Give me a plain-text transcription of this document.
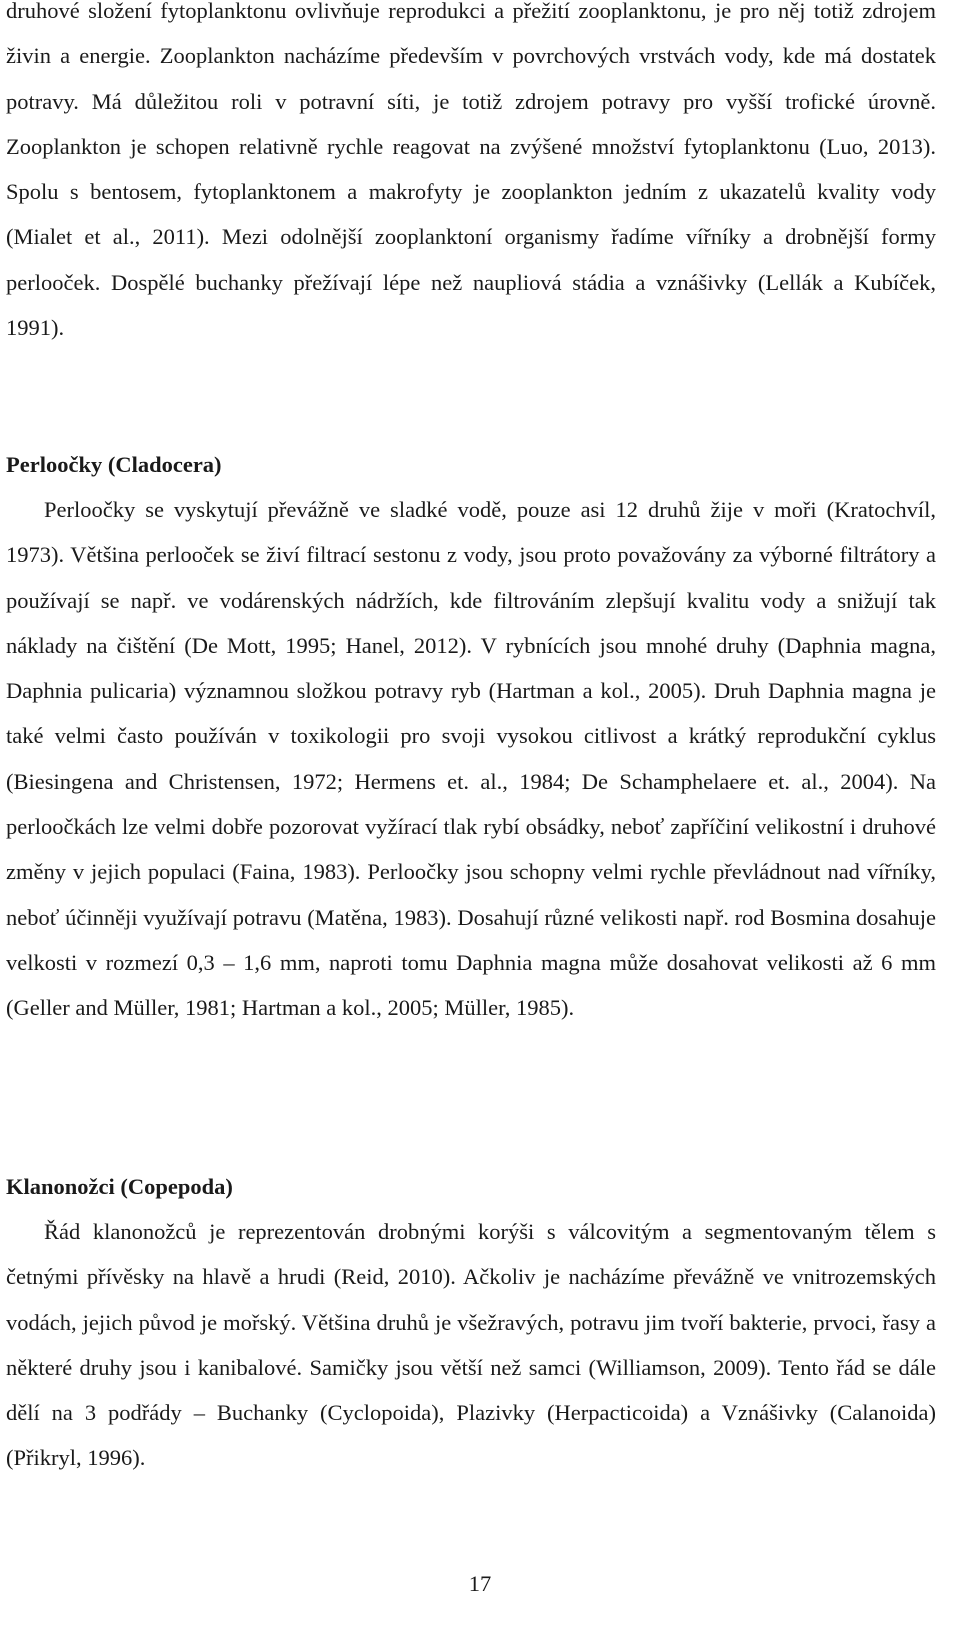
druhové složení fytoplanktonu ovlivňuje reprodukci a přežití zooplanktonu, je pro něj totiž zdrojem živin a energie. Zooplankton nacházíme především v povrchových vrstvách vody, kde má dostatek potravy. Má důležitou roli v potravní síti, je totiž zdrojem potravy pro vyšší trofické úrovně. Zooplankton je schopen relativně rychle reagovat na zvýšené množství fytoplanktonu (Luo, 2013). Spolu s bentosem, fytoplanktonem a makrofyty je zooplankton jedním z ukazatelů kvality vody (Mialet et al., 2011). Mezi odolnější zooplanktoní organismy řadíme vířníky a drobnější formy perlooček. Dospělé buchanky přežívají lépe než naupliová stádia a vznášivky (Lellák a Kubíček, 1991).

Perloočky (Cladocera)

Perloočky se vyskytují převážně ve sladké vodě, pouze asi 12 druhů žije v moři (Kratochvíl, 1973). Většina perlooček se živí filtrací sestonu z vody, jsou proto považovány za výborné filtrátory a používají se např. ve vodárenských nádržích, kde filtrováním zlepšují kvalitu vody a snižují tak náklady na čištění (De Mott, 1995; Hanel, 2012). V rybnících jsou mnohé druhy (Daphnia magna, Daphnia pulicaria) významnou složkou potravy ryb (Hartman a kol., 2005). Druh Daphnia magna je také velmi často používán v toxikologii pro svoji vysokou citlivost a krátký reprodukční cyklus (Biesingena and Christensen, 1972; Hermens et. al., 1984; De Schamphelaere et. al., 2004). Na perloočkách lze velmi dobře pozorovat vyžírací tlak rybí obsádky, neboť zapříčiní velikostní i druhové změny v jejich populaci (Faina, 1983). Perloočky jsou schopny velmi rychle převládnout nad vířníky, neboť účinněji využívají potravu (Matěna, 1983). Dosahují různé velikosti např. rod Bosmina dosahuje velkosti v rozmezí 0,3 – 1,6 mm, naproti tomu Daphnia magna může dosahovat velikosti až 6 mm (Geller and Müller, 1981; Hartman a kol., 2005; Müller, 1985).

Klanonožci (Copepoda)

Řád klanonožců je reprezentován drobnými korýši s válcovitým a segmentovaným tělem s četnými přívěsky na hlavě a hrudi (Reid, 2010). Ačkoliv je nacházíme převážně ve vnitrozemských vodách, jejich původ je mořský. Většina druhů je všežravých, potravu jim tvoří bakterie, prvoci, řasy a některé druhy jsou i kanibalové. Samičky jsou větší než samci (Williamson, 2009). Tento řád se dále dělí na 3 podřády – Buchanky (Cyclopoida), Plazivky (Herpacticoida) a Vznášivky (Calanoida) (Přikryl, 1996).

17
